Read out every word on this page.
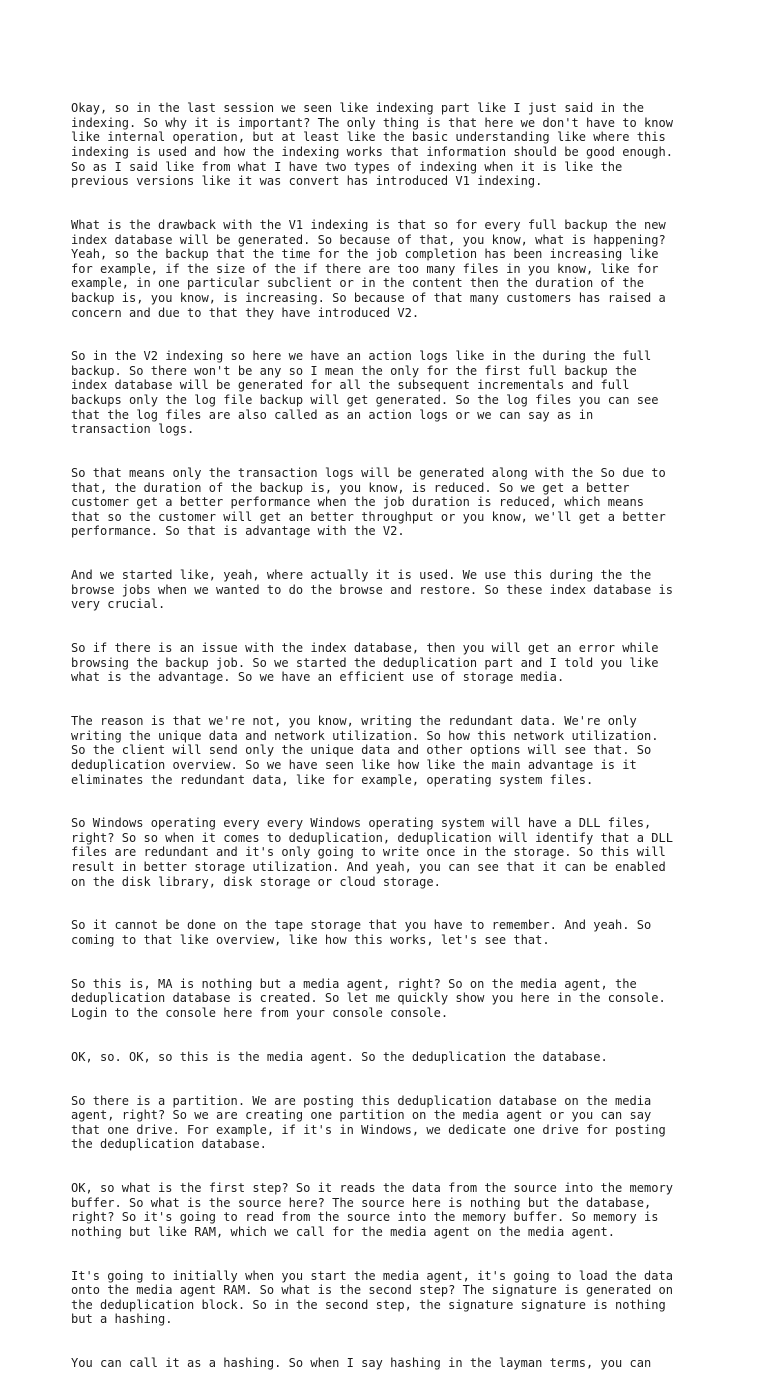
Okay, so in the last session we seen like indexing part like I just said in the
indexing. So why it is important? The only thing is that here we don't have to know
like internal operation, but at least like the basic understanding like where this
indexing is used and how the indexing works that information should be good enough.
So as I said like from what I have two types of indexing when it is like the
previous versions like it was convert has introduced V1 indexing.

What is the drawback with the V1 indexing is that so for every full backup the new
index database will be generated. So because of that, you know, what is happening?
Yeah, so the backup that the time for the job completion has been increasing like
for example, if the size of the if there are too many files in you know, like for
example, in one particular subclient or in the content then the duration of the
backup is, you know, is increasing. So because of that many customers has raised a
concern and due to that they have introduced V2.

So in the V2 indexing so here we have an action logs like in the during the full
backup. So there won't be any so I mean the only for the first full backup the
index database will be generated for all the subsequent incrementals and full
backups only the log file backup will get generated. So the log files you can see
that the log files are also called as an action logs or we can say as in
transaction logs.

So that means only the transaction logs will be generated along with the So due to
that, the duration of the backup is, you know, is reduced. So we get a better
customer get a better performance when the job duration is reduced, which means
that so the customer will get an better throughput or you know, we'll get a better
performance. So that is advantage with the V2.

And we started like, yeah, where actually it is used. We use this during the the
browse jobs when we wanted to do the browse and restore. So these index database is
very crucial.

So if there is an issue with the index database, then you will get an error while
browsing the backup job. So we started the deduplication part and I told you like
what is the advantage. So we have an efficient use of storage media.

The reason is that we're not, you know, writing the redundant data. We're only
writing the unique data and network utilization. So how this network utilization.
So the client will send only the unique data and other options will see that. So
deduplication overview. So we have seen like how like the main advantage is it
eliminates the redundant data, like for example, operating system files.

So Windows operating every every Windows operating system will have a DLL files,
right? So so when it comes to deduplication, deduplication will identify that a DLL
files are redundant and it's only going to write once in the storage. So this will
result in better storage utilization. And yeah, you can see that it can be enabled
on the disk library, disk storage or cloud storage.

So it cannot be done on the tape storage that you have to remember. And yeah. So
coming to that like overview, like how this works, let's see that.

So this is, MA is nothing but a media agent, right? So on the media agent, the
deduplication database is created. So let me quickly show you here in the console.
Login to the console here from your console console.

OK, so. OK, so this is the media agent. So the deduplication the database.

So there is a partition. We are posting this deduplication database on the media
agent, right? So we are creating one partition on the media agent or you can say
that one drive. For example, if it's in Windows, we dedicate one drive for posting
the deduplication database.

OK, so what is the first step? So it reads the data from the source into the memory
buffer. So what is the source here? The source here is nothing but the database,
right? So it's going to read from the source into the memory buffer. So memory is
nothing but like RAM, which we call for the media agent on the media agent.

It's going to initially when you start the media agent, it's going to load the data
onto the media agent RAM. So what is the second step? The signature is generated on
the deduplication block. So in the second step, the signature signature is nothing
but a hashing.

You can call it as a hashing. So when I say hashing in the layman terms, you can
